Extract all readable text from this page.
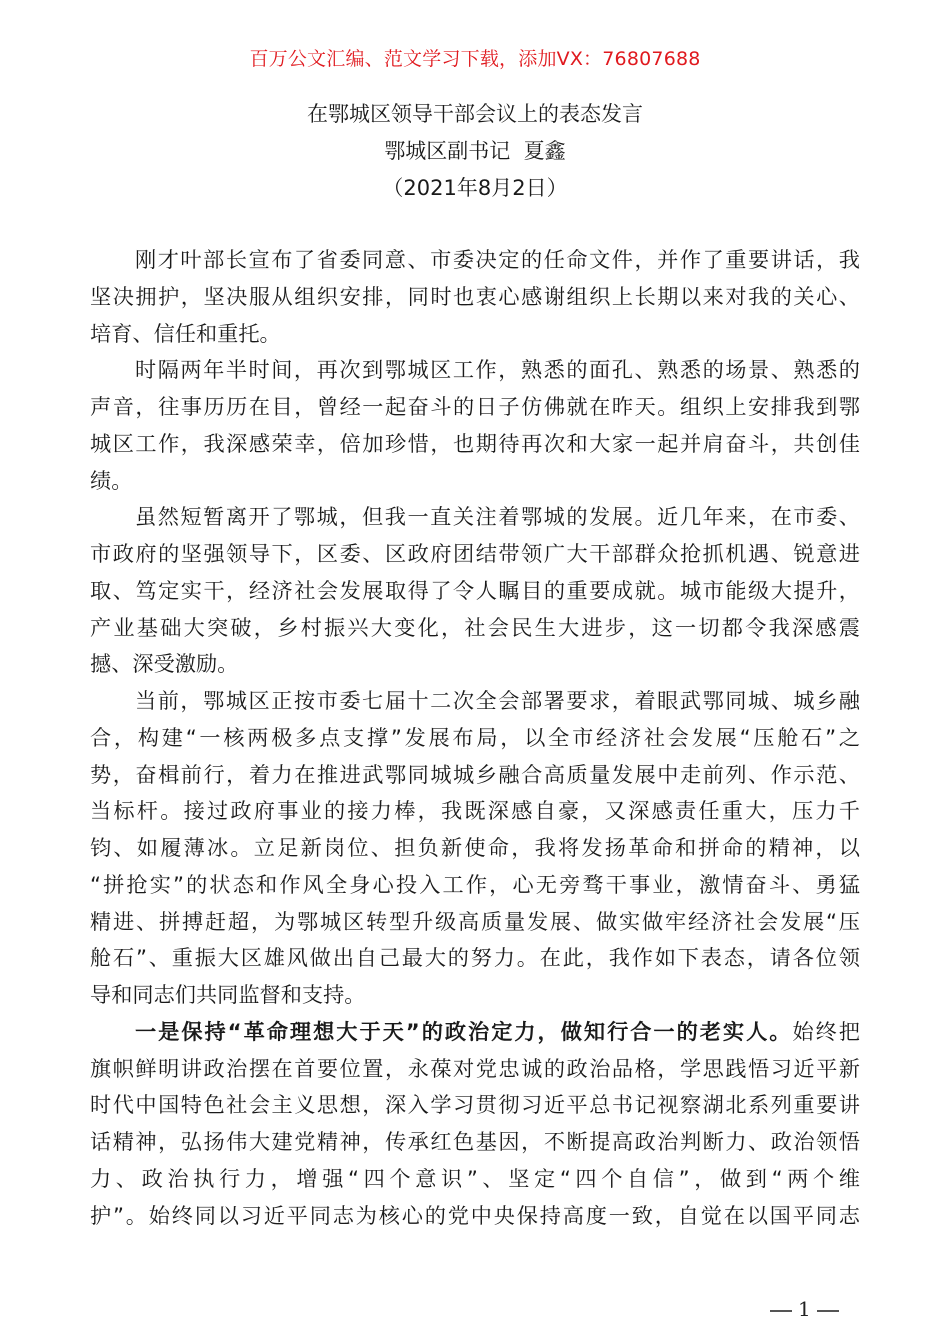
百万公文汇编、范文学习下载，添加VX：76807688
在鄂城区领导干部会议上的表态发言
鄂城区副书记  夏鑫
（2021年8月2日）
刚才叶部长宣布了省委同意、市委决定的任命文件，并作了重要讲话，我
坚决拥护，坚决服从组织安排，同时也衷心感谢组织上长期以来对我的关心、
培育、信任和重托。
时隔两年半时间，再次到鄂城区工作，熟悉的面孔、熟悉的场景、熟悉的
声音，往事历历在目，曾经一起奋斗的日子仿佛就在昨天。组织上安排我到鄂
城区工作，我深感荣幸，倍加珍惜，也期待再次和大家一起并肩奋斗，共创佳
绩。
虽然短暂离开了鄂城，但我一直关注着鄂城的发展。近几年来，在市委、
市政府的坚强领导下，区委、区政府团结带领广大干部群众抢抓机遇、锐意进
取、笃定实干，经济社会发展取得了令人瞩目的重要成就。城市能级大提升，
产业基础大突破，乡村振兴大变化，社会民生大进步，这一切都令我深感震
撼、深受激励。
当前，鄂城区正按市委七届十二次全会部署要求，着眼武鄂同城、城乡融
合，构建“一核两极多点支撑”发展布局，以全市经济社会发展“压舱石”之
势，奋楫前行，着力在推进武鄂同城城乡融合高质量发展中走前列、作示范、
当标杆。接过政府事业的接力棒，我既深感自豪，又深感责任重大，压力千
钧、如履薄冰。立足新岗位、担负新使命，我将发扬革命和拼命的精神，以
“拼抢实”的状态和作风全身心投入工作，心无旁骛干事业，激情奋斗、勇猛
精进、拼搏赶超，为鄂城区转型升级高质量发展、做实做牢经济社会发展“压
舱石”、重振大区雄风做出自己最大的努力。在此，我作如下表态，请各位领
导和同志们共同监督和支持。
一是保持“革命理想大于天”的政治定力，做知行合一的老实人。始终把
旗帜鲜明讲政治摆在首要位置，永葆对党忠诚的政治品格，学思践悟习近平新
时代中国特色社会主义思想，深入学习贯彻习近平总书记视察湖北系列重要讲
话精神，弘扬伟大建党精神，传承红色基因，不断提高政治判断力、政治领悟
力、政治执行力，增强“四个意识”、坚定“四个自信”，做到“两个维
护”。始终同以习近平同志为核心的党中央保持高度一致，自觉在以国平同志
1
